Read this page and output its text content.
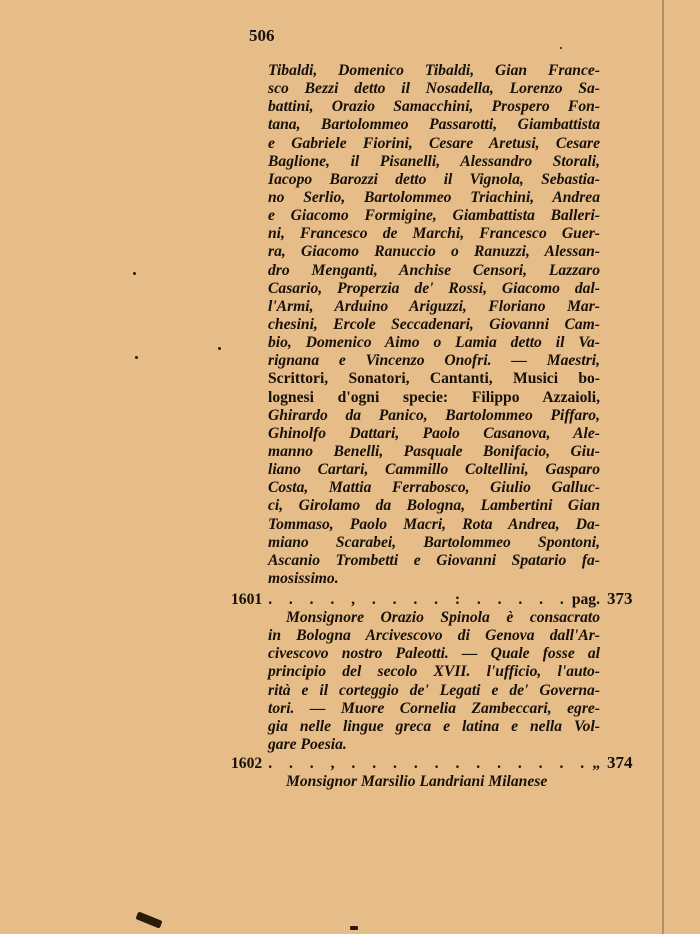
506
Tibaldi, Domenico Tibaldi, Gian France-
sco Bezzi detto il Nosadella, Lorenzo Sa-
battini, Orazio Samacchini, Prospero Fon-
tana, Bartolommeo Passarotti, Giambattista
e Gabriele Fiorini, Cesare Aretusi, Cesare
Baglione, il Pisanelli, Alessandro Storali,
Iacopo Barozzi detto il Vignola, Sebastia-
no Serlio, Bartolommeo Triachini, Andrea
e Giacomo Formigine, Giambattista Balleri-
ni, Francesco de Marchi, Francesco Guer-
ra, Giacomo Ranuccio o Ranuzzi, Alessan-
dro Menganti, Anchise Censori, Lazzaro
Casario, Properzia de' Rossi, Giacomo dal-
l'Armi, Arduino Ariguzzi, Floriano Mar-
chesini, Ercole Seccadenari, Giovanni Cam-
bio, Domenico Aimo o Lamia detto il Va-
rignana e Vincenzo Onofri. — Maestri,
Scrittori, Sonatori, Cantanti, Musici bo-
lognesi d'ogni specie: Filippo Azzaioli,
Ghirardo da Panico, Bartolommeo Piffaro,
Ghinolfo Dattari, Paolo Casanova, Ale-
manno Benelli, Pasquale Bonifacio, Giu-
liano Cartari, Cammillo Coltellini, Gasparo
Costa, Mattia Ferrabosco, Giulio Galluc-
ci, Girolamo da Bologna, Lambertini Gian
Tommaso, Paolo Macri, Rota Andrea, Da-
miano Scarabei, Bartolommeo Spontoni,
Ascanio Trombetti e Giovanni Spatario fa-
mosissimo.
1601 . . . . , . . . . : . . . . . pag. 373
Monsignore Orazio Spinola è consacrato
in Bologna Arcivescovo di Genova dall'Ar-
civescovo nostro Paleotti. — Quale fosse al
principio del secolo XVII. l'ufficio, l'auto-
rità e il corteggio de' Legati e de' Governa-
tori. — Muore Cornelia Zambeccari, egre-
gia nelle lingue greca e latina e nella Vol-
gare Poesia.
1602 . . . , . . . . . . . . . . . . „ 374
Monsignor Marsilio Landriani Milanese
